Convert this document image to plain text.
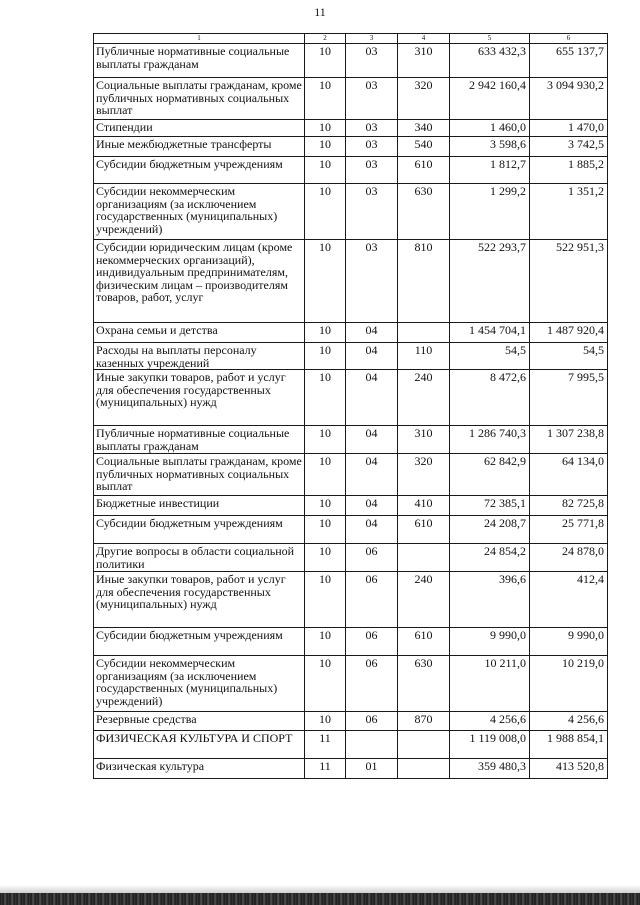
11
1	2	3	4	5	6
Публичные нормативные социальные выплаты гражданам	10	03	310	633 432,3	655 137,7
Социальные выплаты гражданам, кроме публичных нормативных социальных выплат	10	03	320	2 942 160,4	3 094 930,2
Стипендии	10	03	340	1 460,0	1 470,0
Иные межбюджетные трансферты	10	03	540	3 598,6	3 742,5
Субсидии бюджетным учреждениям	10	03	610	1 812,7	1 885,2
Субсидии некоммерческим организациям (за исключением государственных (муниципальных) учреждений)	10	03	630	1 299,2	1 351,2
Субсидии юридическим лицам (кроме некоммерческих организаций), индивидуальным предпринимателям, физическим лицам – производителям товаров, работ, услуг	10	03	810	522 293,7	522 951,3
Охрана семьи и детства	10	04		1 454 704,1	1 487 920,4
Расходы на выплаты персоналу казенных учреждений	10	04	110	54,5	54,5
Иные закупки товаров, работ и услуг для обеспечения государственных (муниципальных) нужд	10	04	240	8 472,6	7 995,5
Публичные нормативные социальные выплаты гражданам	10	04	310	1 286 740,3	1 307 238,8
Социальные выплаты гражданам, кроме публичных нормативных социальных выплат	10	04	320	62 842,9	64 134,0
Бюджетные инвестиции	10	04	410	72 385,1	82 725,8
Субсидии бюджетным учреждениям	10	04	610	24 208,7	25 771,8
Другие вопросы в области социальной политики	10	06		24 854,2	24 878,0
Иные закупки товаров, работ и услуг для обеспечения государственных (муниципальных) нужд	10	06	240	396,6	412,4
Субсидии бюджетным учреждениям	10	06	610	9 990,0	9 990,0
Субсидии некоммерческим организациям (за исключением государственных (муниципальных) учреждений)	10	06	630	10 211,0	10 219,0
Резервные средства	10	06	870	4 256,6	4 256,6
ФИЗИЧЕСКАЯ КУЛЬТУРА И СПОРТ	11			1 119 008,0	1 988 854,1
Физическая культура	11	01		359 480,3	413 520,8
